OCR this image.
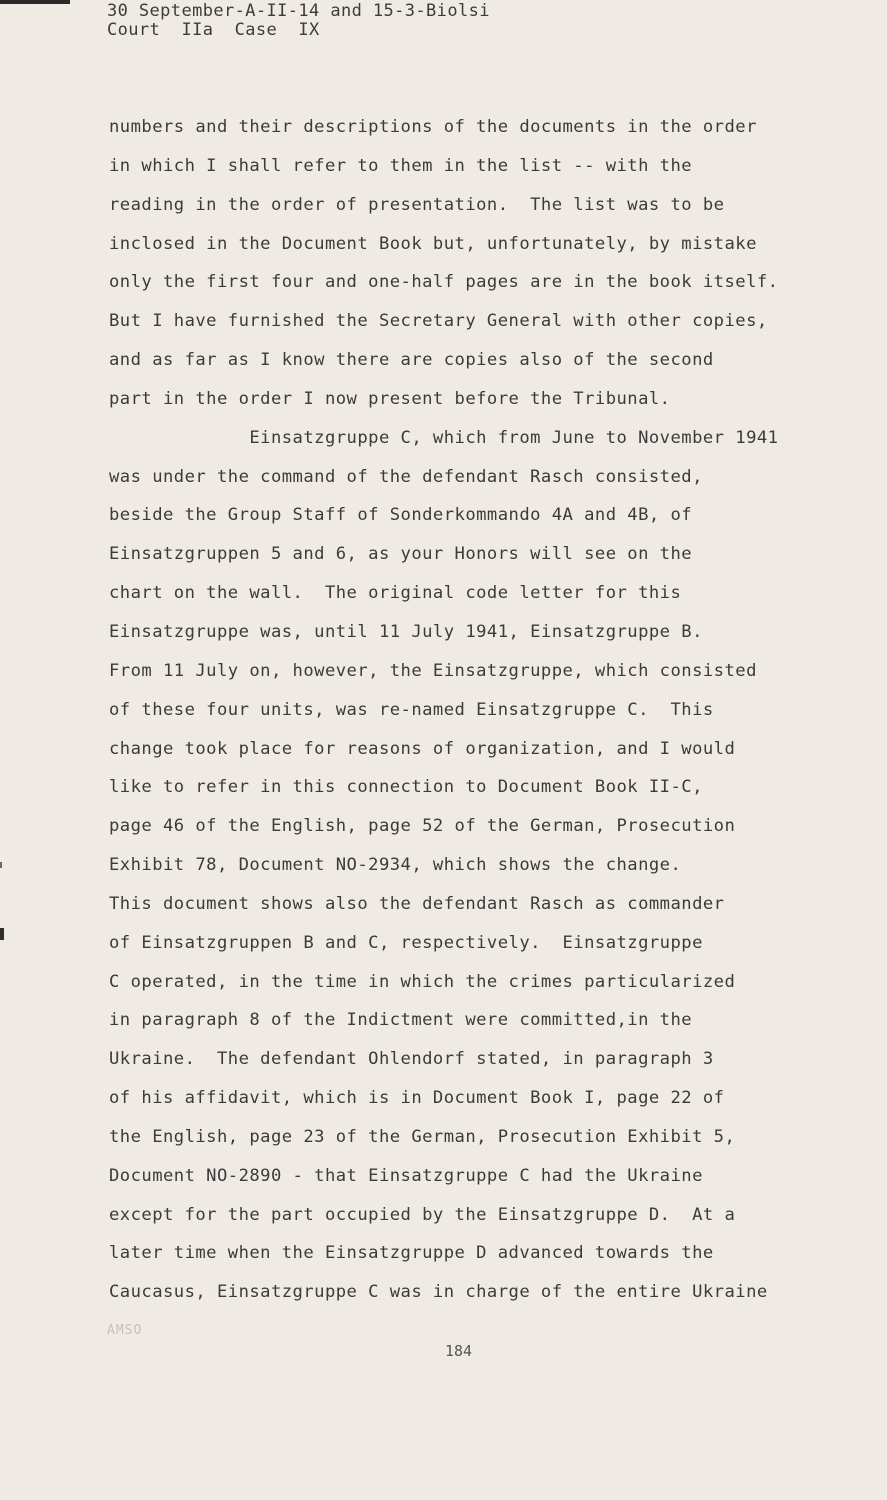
30 September-A-II-14 and 15-3-Biolsi
Court  IIa  Case  IX
numbers and their descriptions of the documents in the order
in which I shall refer to them in the list -- with the
reading in the order of presentation.  The list was to be
inclosed in the Document Book but, unfortunately, by mistake
only the first four and one-half pages are in the book itself.
But I have furnished the Secretary General with other copies,
and as far as I know there are copies also of the second
part in the order I now present before the Tribunal.
Einsatzgruppe C, which from June to November 1941
was under the command of the defendant Rasch consisted,
beside the Group Staff of Sonderkommando 4A and 4B, of
Einsatzgruppen 5 and 6, as your Honors will see on the
chart on the wall.  The original code letter for this
Einsatzgruppe was, until 11 July 1941, Einsatzgruppe B.
From 11 July on, however, the Einsatzgruppe, which consisted
of these four units, was re-named Einsatzgruppe C.  This
change took place for reasons of organization, and I would
like to refer in this connection to Document Book II-C,
page 46 of the English, page 52 of the German, Prosecution
Exhibit 78, Document NO-2934, which shows the change.
This document shows also the defendant Rasch as commander
of Einsatzgruppen B and C, respectively.  Einsatzgruppe
C operated, in the time in which the crimes particularized
in paragraph 8 of the Indictment were committed,in the
Ukraine.  The defendant Ohlendorf stated, in paragraph 3
of his affidavit, which is in Document Book I, page 22 of
the English, page 23 of the German, Prosecution Exhibit 5,
Document NO-2890 - that Einsatzgruppe C had the Ukraine
except for the part occupied by the Einsatzgruppe D.  At a
later time when the Einsatzgruppe D advanced towards the
Caucasus, Einsatzgruppe C was in charge of the entire Ukraine
AMSO
184
